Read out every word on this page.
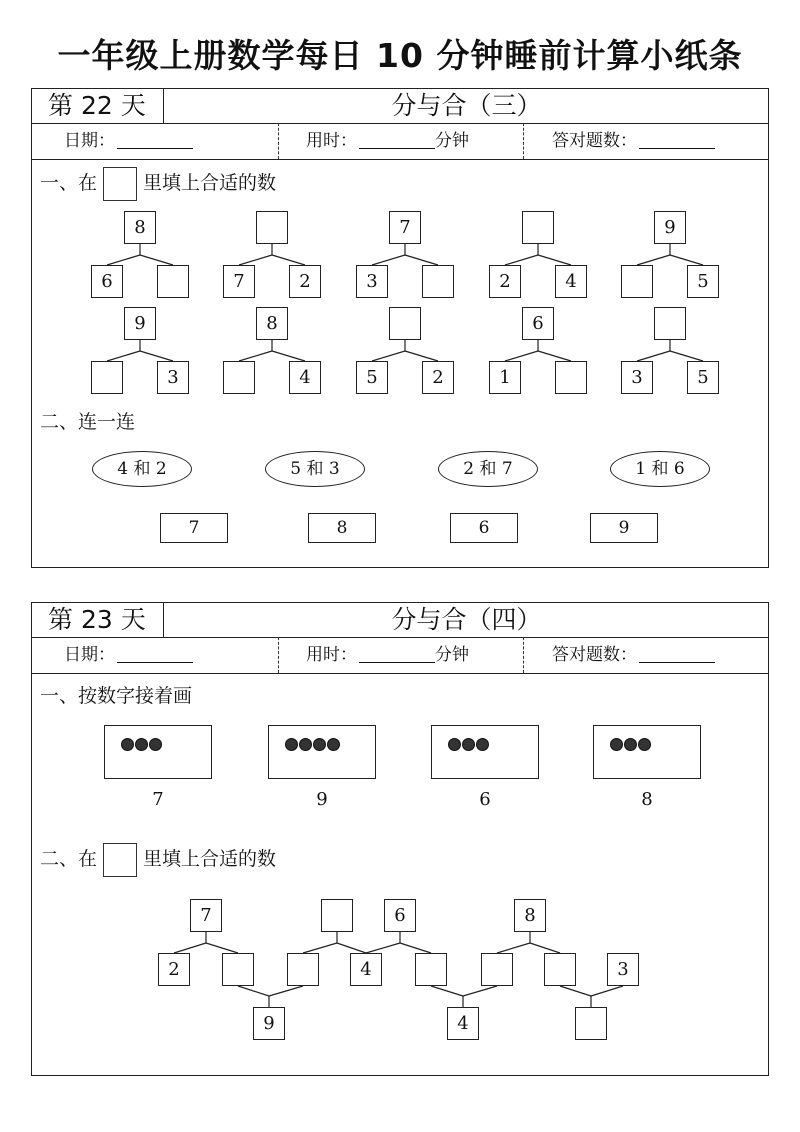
一年级上册数学每日 10 分钟睡前计算小纸条
第 22 天	分与合（三）
日期：	用时：	分钟	答对题数：
一、在 里填上合适的数
8
6	7	2
7
3	2	4
9
5
9
3
8
4	5	2
6
1	3	5
二、连一连
4 和 2	5 和 3	2 和 7	1 和 6
7	8	6	9
第 23 天	分与合（四）
日期：	用时：	分钟	答对题数：
一、按数字接着画
7	9	6	8
二、在 里填上合适的数
7	6	8
2	4	3
9	4
